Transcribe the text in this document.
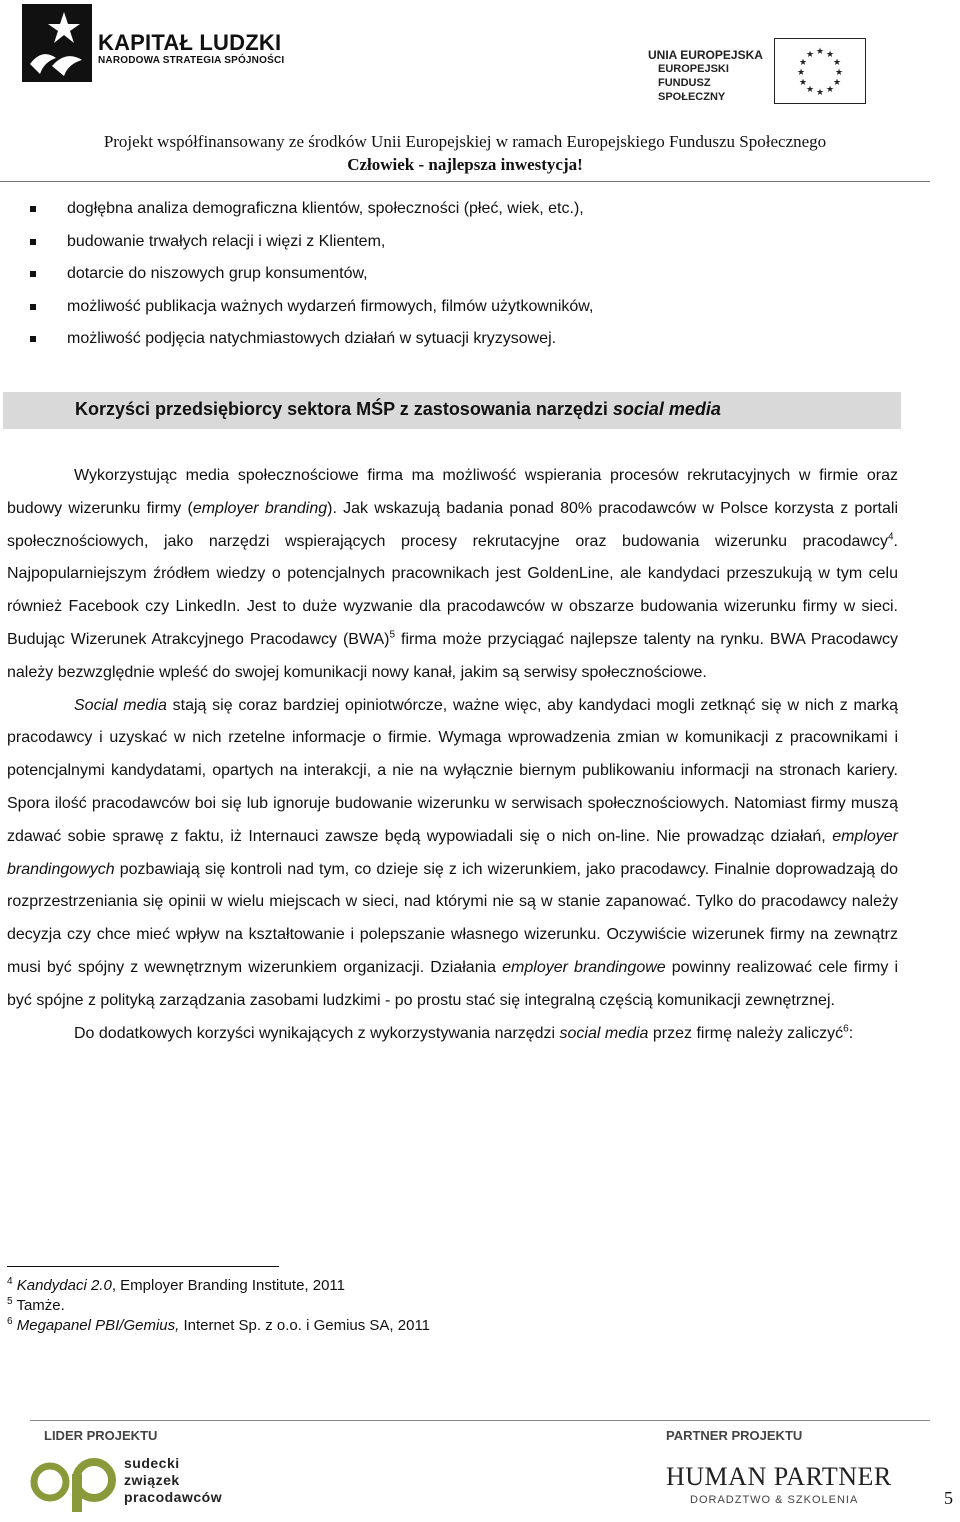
KAPITAŁ LUDZKI
NARODOWA STRATEGIA SPÓJNOŚCI	UNIA EUROPEJSKA
EUROPEJSKI
FUNDUSZ SPOŁECZNY
★ ★
★
★
★
★
★
★
★
★
★
★
Projekt współfinansowany ze środków Unii Europejskiej w ramach Europejskiego Funduszu Społecznego
Człowiek - najlepsza inwestycja!
dogłębna analiza demograficzna klientów, społeczności (płeć, wiek, etc.),
budowanie trwałych relacji i więzi z Klientem,
dotarcie do niszowych grup konsumentów,
możliwość publikacja ważnych wydarzeń firmowych, filmów użytkowników,
możliwość podjęcia natychmiastowych działań w sytuacji kryzysowej.
Korzyści przedsiębiorcy sektora MŚP z zastosowania narzędzi social media

Wykorzystując media społecznościowe firma ma możliwość wspierania procesów rekrutacyjnych w firmie oraz budowy wizerunku firmy (employer branding). Jak wskazują badania ponad 80% pracodawców w Polsce korzysta z portali społecznościowych, jako narzędzi wspierających procesy rekrutacyjne oraz budowania wizerunku pracodawcy$^4$. Najpopularniejszym źródłem wiedzy o potencjalnych pracownikach jest GoldenLine, ale kandydaci przeszukują w tym celu również Facebook czy LinkedIn. Jest to duże wyzwanie dla pracodawców w obszarze budowania wizerunku firmy w sieci. Budując Wizerunek Atrakcyjnego Pracodawcy (BWA)$^5$ firma może przyciągać najlepsze talenty na rynku. BWA Pracodawcy należy bezwzględnie wpleść do swojej komunikacji nowy kanał, jakim są serwisy społecznościowe.

Social media stają się coraz bardziej opiniotwórcze, ważne więc, aby kandydaci mogli zetknąć się w nich z marką pracodawcy i uzyskać w nich rzetelne informacje o firmie. Wymaga wprowadzenia zmian w komunikacji z pracownikami i potencjalnymi kandydatami, opartych na interakcji, a nie na wyłącznie biernym publikowaniu informacji na stronach kariery. Spora ilość pracodawców boi się lub ignoruje budowanie wizerunku w serwisach społecznościowych. Natomiast firmy muszą zdawać sobie sprawę z faktu, iż Internauci zawsze będą wypowiadali się o nich on-line. Nie prowadząc działań, employer brandingowych pozbawiają się kontroli nad tym, co dzieje się z ich wizerunkiem, jako pracodawcy. Finalnie doprowadzają do rozprzestrzeniania się opinii w wielu miejscach w sieci, nad którymi nie są w stanie zapanować. Tylko do pracodawcy należy decyzja czy chce mieć wpływ na kształtowanie i polepszanie własnego wizerunku. Oczywiście wizerunek firmy na zewnątrz musi być spójny z wewnętrznym wizerunkiem organizacji. Działania employer brandingowe powinny realizować cele firmy i być spójne z polityką zarządzania zasobami ludzkimi - po prostu stać się integralną częścią komunikacji zewnętrznej.

Do dodatkowych korzyści wynikających z wykorzystywania narzędzi social media przez firmę należy zaliczyć$^6$:

$^4$ Kandydaci 2.0, Employer Branding Institute, 2011
$^5$ Tamże.
$^6$ Megapanel PBI/Gemius, Internet Sp. z o.o. i Gemius SA, 2011
LIDER PROJEKTU	PARTNER PROJEKTU
sudecki
związek
pracodawców
HUMAN PARTNER
DORADZTWO & SZKOLENIA	5
